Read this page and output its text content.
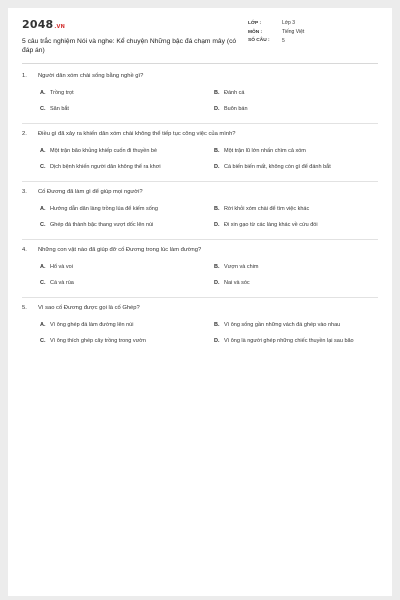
2048.VN
5 câu trắc nghiệm Nói và nghe: Kể chuyện Những bậc đá chạm mây (có đáp án)
LỚP :	Lớp 3
MÔN :	Tiếng Việt
SỐ CÂU :	5
1.	Người dân xóm chài sống bằng nghề gì?
A. Trồng trọt	B. Đánh cá
C. Săn bắt	D. Buôn bán
2.	Điều gì đã xảy ra khiến dân xóm chài không thể tiếp tục công việc của mình?
A. Một trận bão khủng khiếp cuốn đi thuyền bè	B. Một trận lũ lớn nhấn chìm cả xóm
C. Dịch bệnh khiến người dân không thể ra khơi	D. Cá biến biến mất, không còn gì để đánh bắt
3.	Cố Đương đã làm gì để giúp mọi người?
A. Hướng dẫn dân làng trồng lúa để kiếm sống	B. Rời khỏi xóm chài để tìm việc khác
C. Ghép đá thành bậc thang vượt dốc lên núi	D. Đi xin gạo từ các làng khác về cứu đói
4.	Những con vật nào đã giúp đỡ cố Đương trong lúc làm đường?
A. Hổ và voi	B. Vượn và chim
C. Cá và rùa	D. Nai và sóc
5.	Vì sao cố Đương được gọi là cố Ghép?
A. Vì ông ghép đá làm đường lên núi	B. Vì ông sống gần những vách đá ghép vào nhau
C. Vì ông thích ghép cây trồng trong vườn	D. Vì ông là người ghép những chiếc thuyền lại sau bão
